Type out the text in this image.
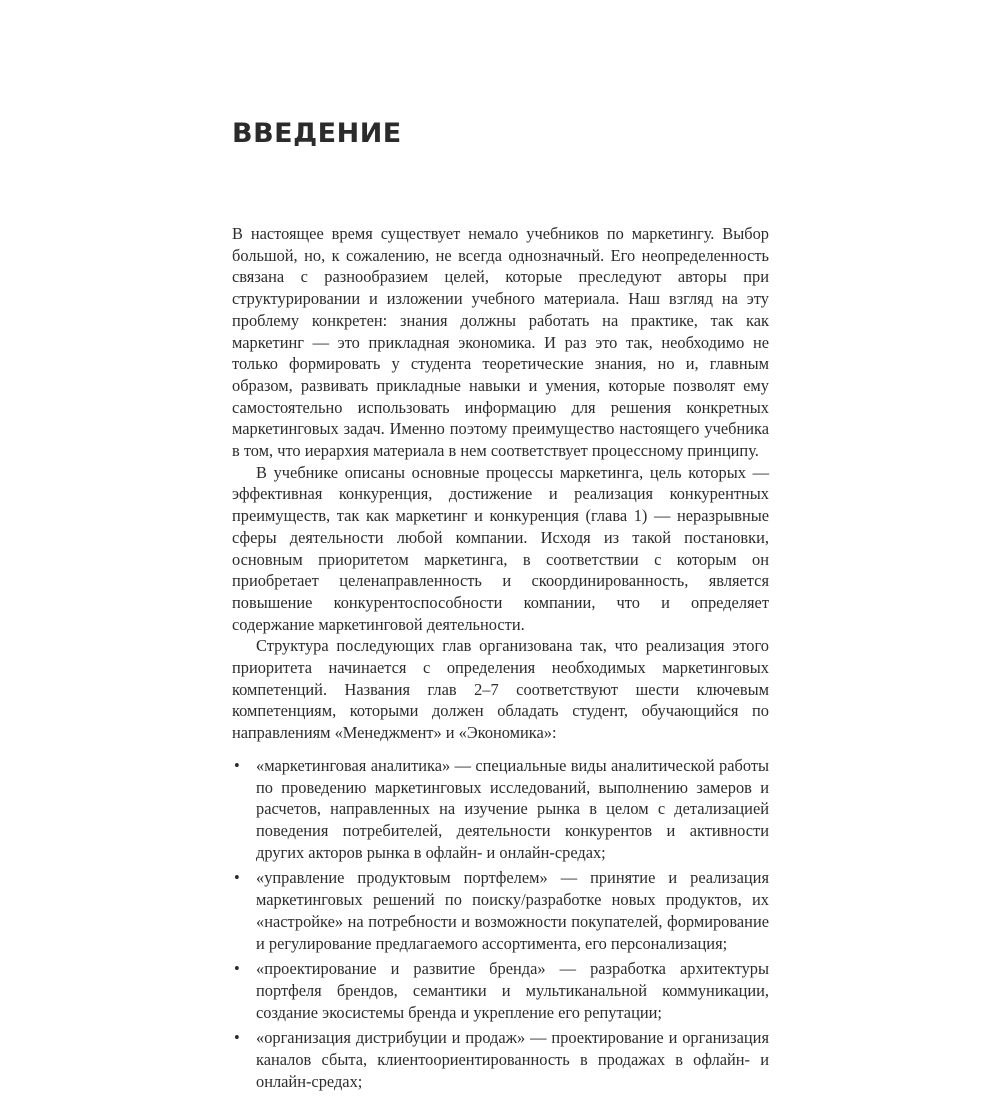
ВВЕДЕНИЕ

В настоящее время существует немало учебников по маркетингу. Выбор большой, но, к сожалению, не всегда однозначный. Его неопределенность связана с разнообразием целей, которые преследуют авторы при структурировании и изложении учебного материала. Наш взгляд на эту проблему конкретен: знания должны работать на практике, так как маркетинг — это прикладная экономика. И раз это так, необходимо не только формировать у студента теоретические знания, но и, главным образом, развивать прикладные навыки и умения, которые позволят ему самостоятельно использовать информацию для решения конкретных маркетинговых задач. Именно поэтому преимущество настоящего учебника в том, что иерархия материала в нем соответствует процессному принципу.

В учебнике описаны основные процессы маркетинга, цель которых — эффективная конкуренция, достижение и реализация конкурентных преимуществ, так как маркетинг и конкуренция (глава 1) — неразрывные сферы деятельности любой компании. Исходя из такой постановки, основным приоритетом маркетинга, в соответствии с которым он приобретает целенаправленность и скоординированность, является повышение конкурентоспособности компании, что и определяет содержание маркетинговой деятельности.

Структура последующих глав организована так, что реализация этого приоритета начинается с определения необходимых маркетинговых компетенций. Названия глав 2–7 соответствуют шести ключевым компетенциям, которыми должен обладать студент, обучающийся по направлениям «Менеджмент» и «Экономика»:

• «маркетинговая аналитика» — специальные виды аналитической работы по проведению маркетинговых исследований, выполнению замеров и расчетов, направленных на изучение рынка в целом с детализацией поведения потребителей, деятельности конкурентов и активности других акторов рынка в офлайн- и онлайн-средах;
• «управление продуктовым портфелем» — принятие и реализация маркетинговых решений по поиску/разработке новых продуктов, их «настройке» на потребности и возможности покупателей, формирование и регулирование предлагаемого ассортимента, его персонализация;
• «проектирование и развитие бренда» — разработка архитектуры портфеля брендов, семантики и мультиканальной коммуникации, создание экосистемы бренда и укрепление его репутации;
• «организация дистрибуции и продаж» — проектирование и организация каналов сбыта, клиентоориентированность в продажах в офлайн- и онлайн-средах;
